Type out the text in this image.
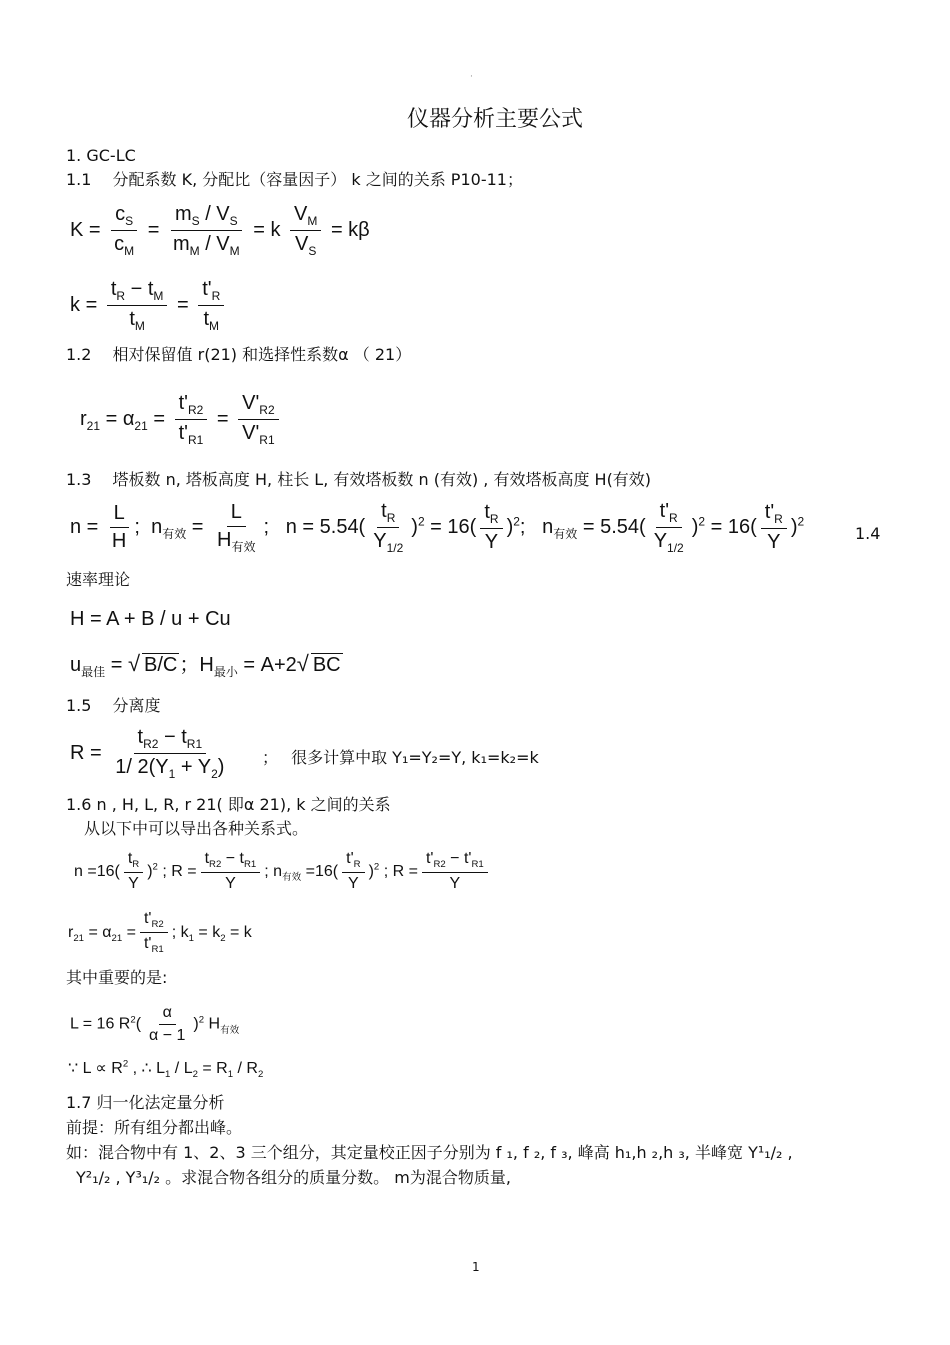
·
仪器分析主要公式
1. GC-LC
1.1　 分配系数 K, 分配比（容量因子） k 之间的关系 P10-11；
$K = \frac{c_S}{c_M} = \frac{m_S / V_S}{m_M / V_M} = k \frac{V_M}{V_S} = k\beta$
$k = \frac{t_R - t_M}{t_M} = \frac{t'_R}{t_M}$
1.2　 相对保留值 r(21) 和选择性系数α （ 21）
$r_{21} = \alpha_{21} = \frac{t'_{R2}}{t'_{R1}} = \frac{V'_{R2}}{V'_{R1}}$
1.3　 塔板数 n, 塔板高度 H, 柱长 L, 有效塔板数 n (有效) , 有效塔板高度 H(有效)
$n = \frac{L}{H}$ ; $n_{有效} = \frac{L}{H_{有效}}$ ; $n = 5.54( \frac{t_R}{Y_{1/2}} )^2 = 16( \frac{t_R}{Y} )^2$; $n_{有效} = 5.54( \frac{t'_R}{Y_{1/2}} )^2 = 16( \frac{t'_R}{Y} )^2$
1.4
速率理论
H = A + B / u + Cu
$u_{最佳}$ = √ B/C ；$H_{最小} = A+2√$ BC
1.5　 分离度
$R = \frac{t_{R2} - t_{R1}}{1/ 2(Y_1 + Y_2)}$ ；　 很多计算中取 Y₁=Y₂=Y, k₁=k₂=k
1.6 n , H, L, R, r 21( 即α 21), k 之间的关系
从以下中可以导出各种关系式。
$n =16( \frac{t_R}{Y} )^2$ ; $R = \frac{t_{R2} - t_{R1}}{Y}$ ; $n_{有效} =16( \frac{t'_R}{Y} )^2$ ; $R = \frac{t'_{R2} - t'_{R1}}{Y}$
$r_{21} = \alpha_{21} = \frac{t'_{R2}}{t'_{R1}}$ ; $k_1 = k_2 = k$
其中重要的是:
L = 16 $R^2( \frac{\alpha}{\alpha - 1} )^2$ $H_{有效}$
∵ $L \propto R^2$ , ∴ $L_1 / L_2 = R_1 / R_2$
1.7 归一化法定量分析
前提：所有组分都出峰。
如：混合物中有 1、2、3 三个组分，其定量校正因子分别为 f ₁, f ₂, f ₃, 峰高 h₁,h ₂,h ₃, 半峰宽 Y¹₁/₂ ,
Y²₁/₂ , Y³₁/₂ 。求混合物各组分的质量分数。 m为混合物质量,
1
